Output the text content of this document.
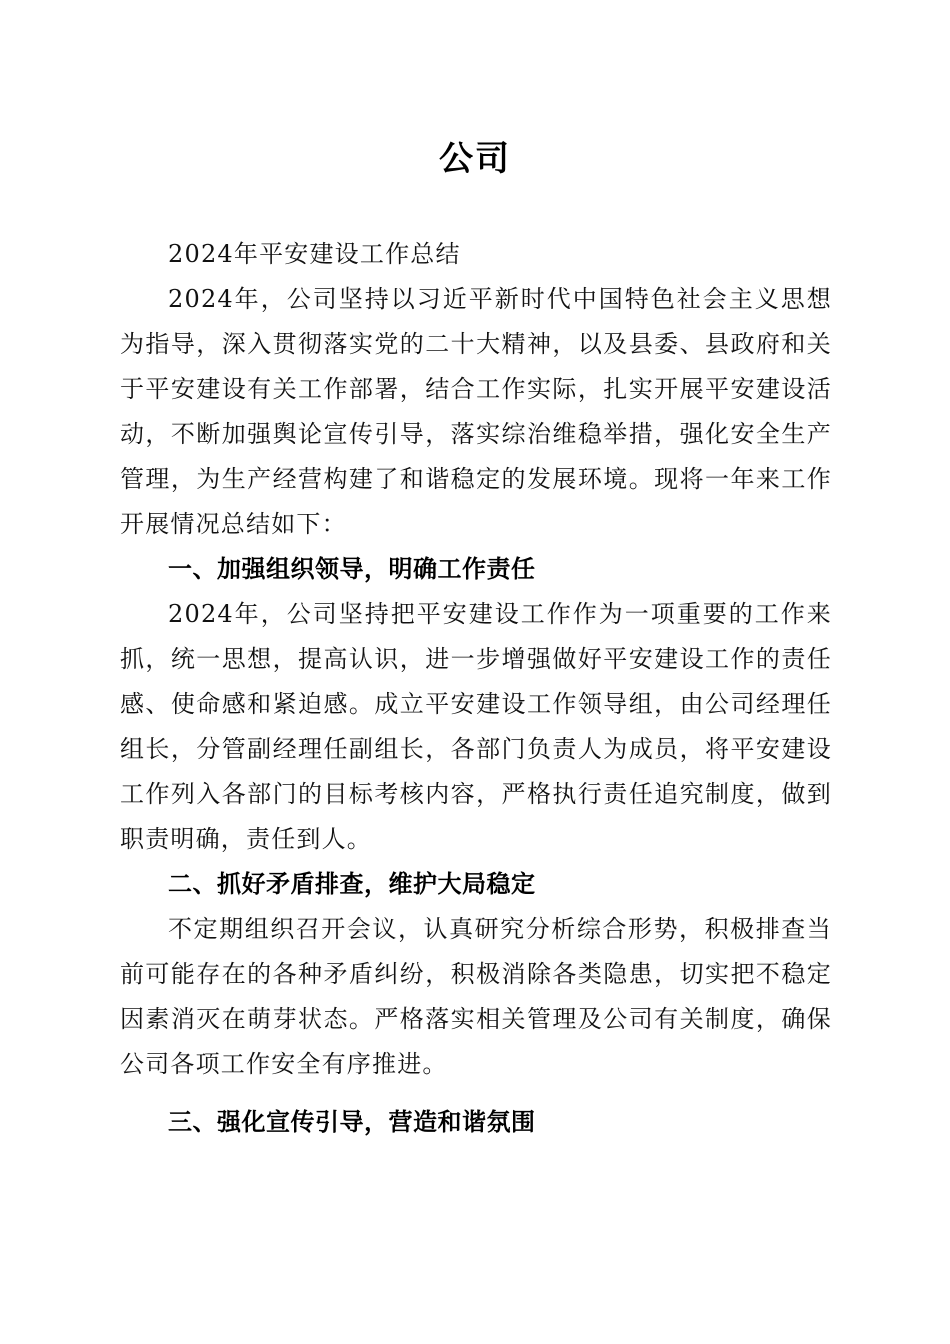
公司

2024年平安建设工作总结

2024年，公司坚持以习近平新时代中国特色社会主义思想为指导，深入贯彻落实党的二十大精神，以及县委、县政府和关于平安建设有关工作部署，结合工作实际，扎实开展平安建设活动，不断加强舆论宣传引导，落实综治维稳举措，强化安全生产管理，为生产经营构建了和谐稳定的发展环境。现将一年来工作开展情况总结如下：

一、加强组织领导，明确工作责任

2024年，公司坚持把平安建设工作作为一项重要的工作来抓，统一思想，提高认识，进一步增强做好平安建设工作的责任感、使命感和紧迫感。成立平安建设工作领导组，由公司经理任组长，分管副经理任副组长，各部门负责人为成员，将平安建设工作列入各部门的目标考核内容，严格执行责任追究制度，做到职责明确，责任到人。

二、抓好矛盾排查，维护大局稳定

不定期组织召开会议，认真研究分析综合形势，积极排查当前可能存在的各种矛盾纠纷，积极消除各类隐患，切实把不稳定因素消灭在萌芽状态。严格落实相关管理及公司有关制度，确保公司各项工作安全有序推进。

三、强化宣传引导，营造和谐氛围
